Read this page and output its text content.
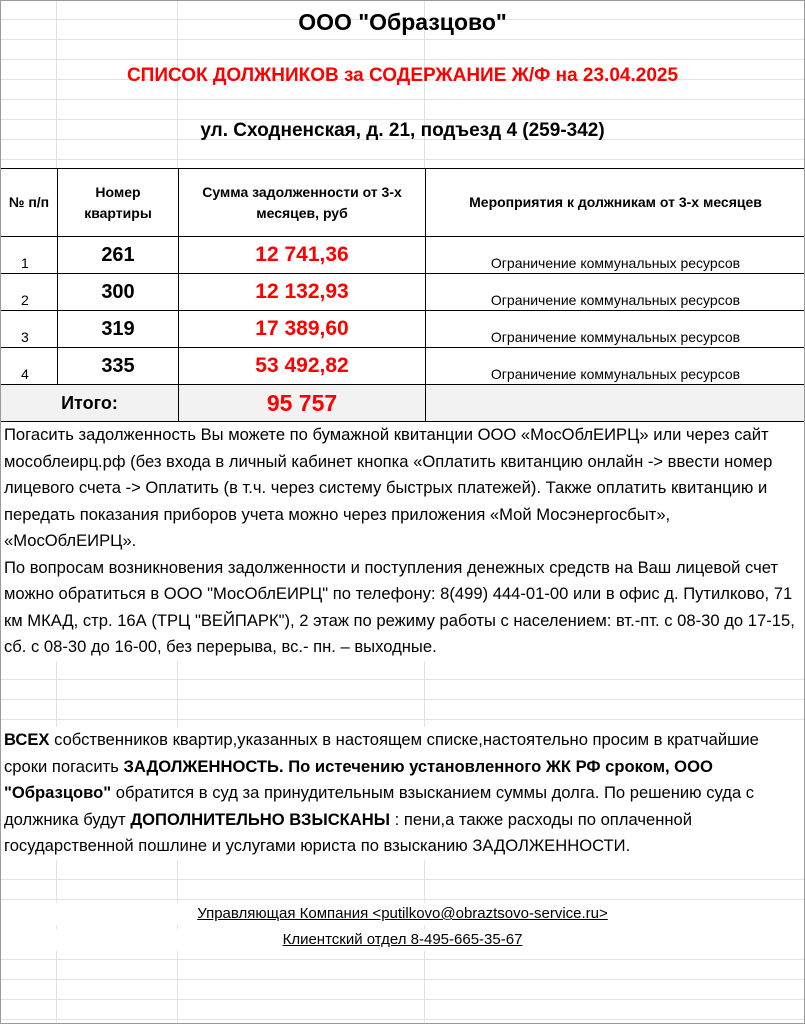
ООО "Образцово"
СПИСОК ДОЛЖНИКОВ за СОДЕРЖАНИЕ Ж/Ф на 23.04.2025
ул. Сходненская, д. 21, подъезд 4 (259-342)
№ п/п	Номер квартиры	Сумма задолженности от 3-х месяцев, руб	Мероприятия к должникам от 3-х месяцев
1	261	12 741,36	Ограничение коммунальных ресурсов
2	300	12 132,93	Ограничение коммунальных ресурсов
3	319	17 389,60	Ограничение коммунальных ресурсов
4	335	53 492,82	Ограничение коммунальных ресурсов
Итого:		95 757	
Погасить задолженность Вы можете по бумажной квитанции ООО «МосОблЕИРЦ» или через сайт мособлеирц.рф (без входа в личный кабинет кнопка «Оплатить квитанцию онлайн -> ввести номер лицевого счета -> Оплатить (в т.ч. через систему быстрых платежей). Также оплатить квитанцию и передать показания приборов учета можно через приложения «Мой Мосэнергосбыт», «МосОблЕИРЦ».
По вопросам возникновения задолженности и поступления денежных средств на Ваш лицевой счет можно обратиться в ООО "МосОблЕИРЦ" по телефону: 8(499) 444-01-00 или в офис д. Путилково, 71 км МКАД, стр. 16А (ТРЦ "ВЕЙПАРК"), 2 этаж по режиму работы с населением: вт.-пт. с 08-30 до 17-15, сб. с 08-30 до 16-00, без перерыва, вс.- пн. – выходные.
ВСЕХ собственников квартир,указанных в настоящем списке,настоятельно просим в кратчайшие сроки погасить ЗАДОЛЖЕННОСТЬ. По истечению установленного ЖК РФ сроком, ООО "Образцово" обратится в суд за принудительным взысканием суммы долга. По решению суда с должника будут ДОПОЛНИТЕЛЬНО ВЗЫСКАНЫ : пени,а также расходы по оплаченной государственной пошлине и услугами юриста по взысканию ЗАДОЛЖЕННОСТИ.
Управляющая Компания <putilkovo@obraztsovo-service.ru>
Клиентский отдел 8-495-665-35-67
